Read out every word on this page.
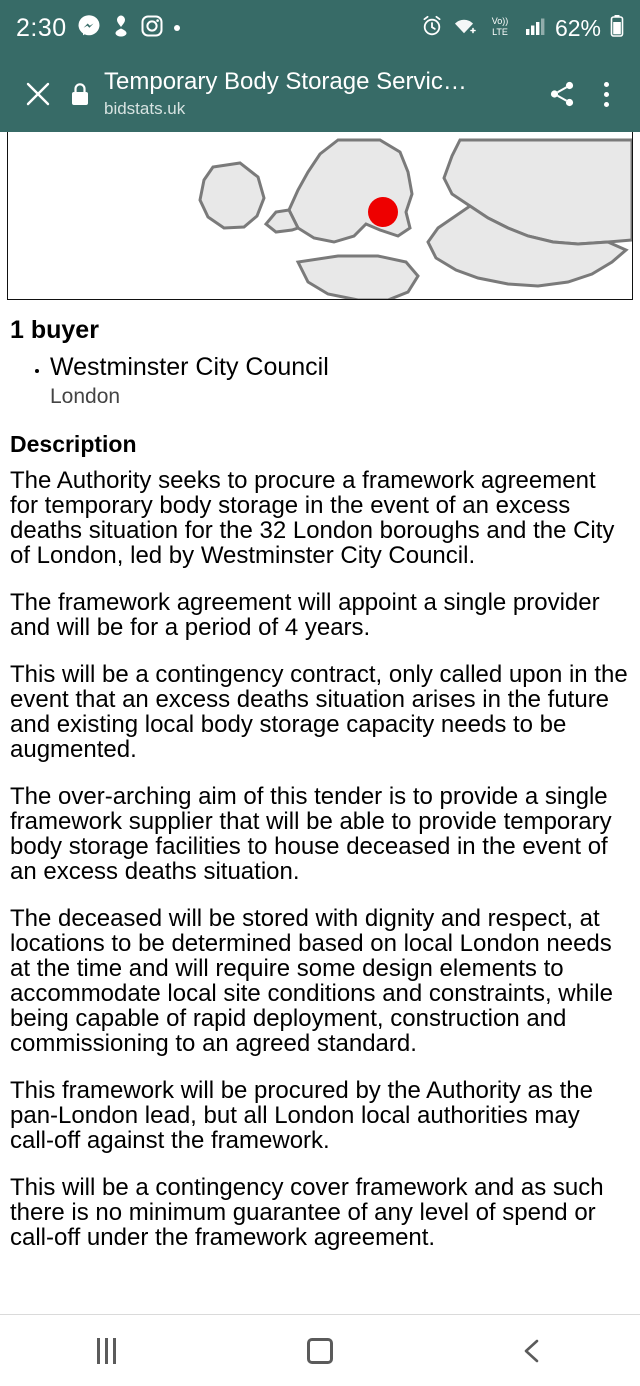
2:30	Vo))
LTE 62%
Temporary Body Storage Servic…
bidstats.uk
1 buyer
• Westminster City Council
London
Description

The Authority seeks to procure a framework agreement for temporary body storage in the event of an excess deaths situation for the 32 London boroughs and the City of London, led by Westminster City Council.

The framework agreement will appoint a single provider and will be for a period of 4 years.

This will be a contingency contract, only called upon in the event that an excess deaths situation arises in the future and existing local body storage capacity needs to be augmented.

The over-arching aim of this tender is to provide a single framework supplier that will be able to provide temporary body storage facilities to house deceased in the event of an excess deaths situation.

The deceased will be stored with dignity and respect, at locations to be determined based on local London needs at the time and will require some design elements to accommodate local site conditions and constraints, while being capable of rapid deployment, construction and commissioning to an agreed standard.

This framework will be procured by the Authority as the pan-London lead, but all London local authorities may call-off against the framework.

This will be a contingency cover framework and as such there is no minimum guarantee of any level of spend or call-off under the framework agreement.
